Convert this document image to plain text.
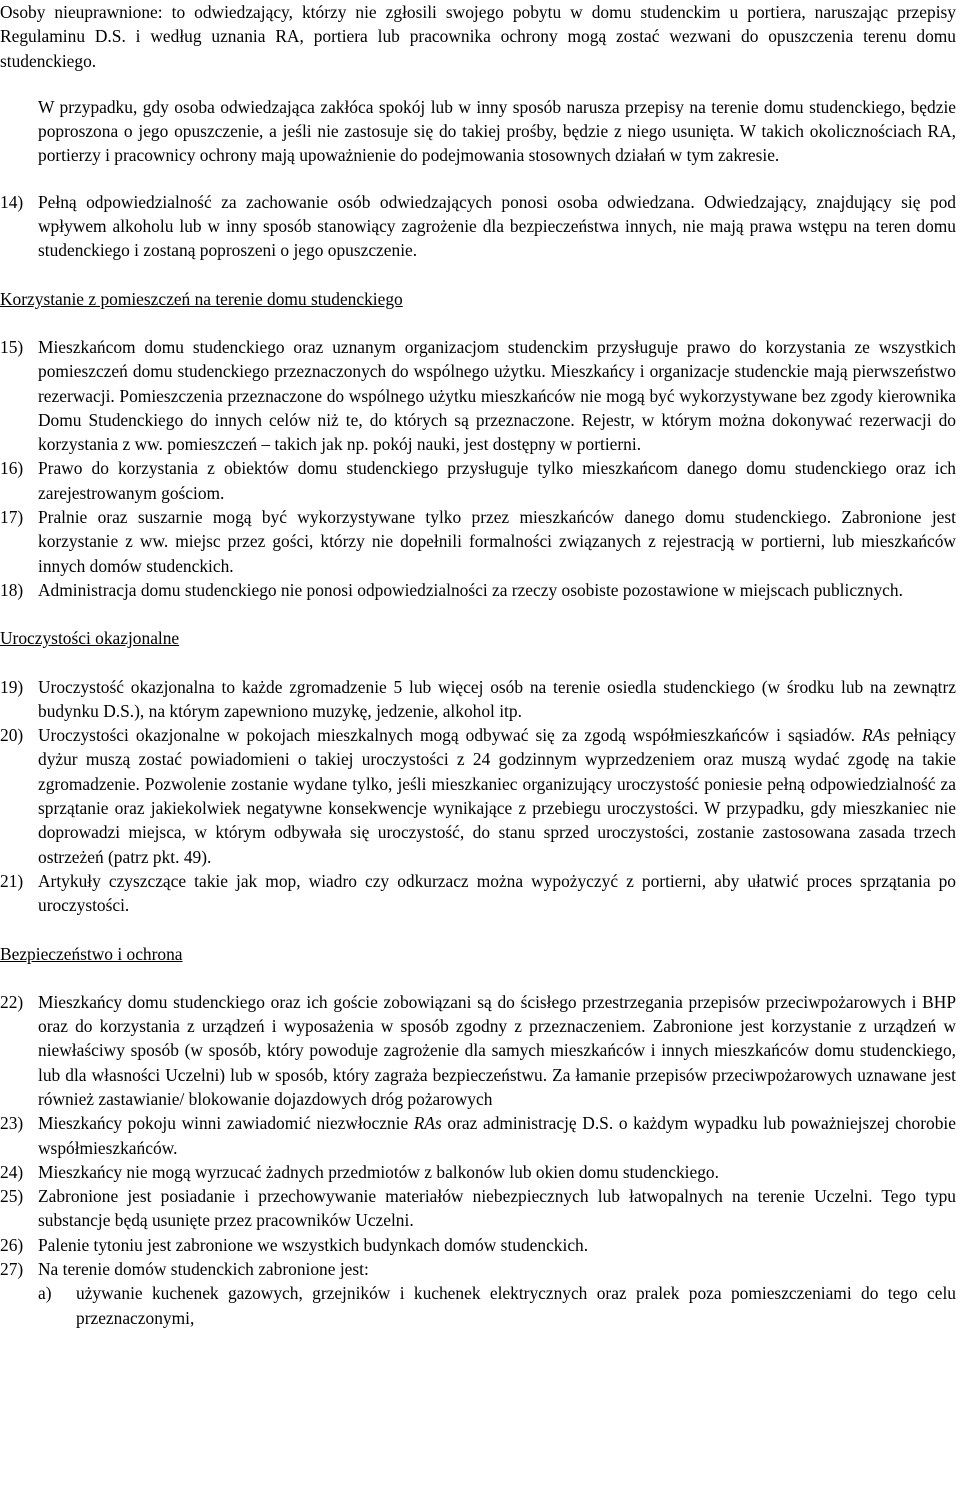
Osoby nieuprawnione: to odwiedzający, którzy nie zgłosili swojego pobytu w domu studenckim u portiera, naruszając przepisy Regulaminu D.S. i według uznania RA, portiera lub pracownika ochrony mogą zostać wezwani do opuszczenia terenu domu studenckiego.

W przypadku, gdy osoba odwiedzająca zakłóca spokój lub w inny sposób narusza przepisy na terenie domu studenckiego, będzie poproszona o jego opuszczenie, a jeśli nie zastosuje się do takiej prośby, będzie z niego usunięta. W takich okolicznościach RA, portierzy i pracownicy ochrony mają upoważnienie do podejmowania stosownych działań w tym zakresie.

14) Pełną odpowiedzialność za zachowanie osób odwiedzających ponosi osoba odwiedzana. Odwiedzający, znajdujący się pod wpływem alkoholu lub w inny sposób stanowiący zagrożenie dla bezpieczeństwa innych, nie mają prawa wstępu na teren domu studenckiego i zostaną poproszeni o jego opuszczenie.

Korzystanie z pomieszczeń na terenie domu studenckiego

15) Mieszkańcom domu studenckiego oraz uznanym organizacjom studenckim przysługuje prawo do korzystania ze wszystkich pomieszczeń domu studenckiego przeznaczonych do wspólnego użytku. Mieszkańcy i organizacje studenckie mają pierwszeństwo rezerwacji. Pomieszczenia przeznaczone do wspólnego użytku mieszkańców nie mogą być wykorzystywane bez zgody kierownika Domu Studenckiego do innych celów niż te, do których są przeznaczone. Rejestr, w którym można dokonywać rezerwacji do korzystania z ww. pomieszczeń – takich jak np. pokój nauki, jest dostępny w portierni.
16) Prawo do korzystania z obiektów domu studenckiego przysługuje tylko mieszkańcom danego domu studenckiego oraz ich zarejestrowanym gościom.
17) Pralnie oraz suszarnie mogą być wykorzystywane tylko przez mieszkańców danego domu studenckiego. Zabronione jest korzystanie z ww. miejsc przez gości, którzy nie dopełnili formalności związanych z rejestracją w portierni, lub mieszkańców innych domów studenckich.
18) Administracja domu studenckiego nie ponosi odpowiedzialności za rzeczy osobiste pozostawione w miejscach publicznych.

Uroczystości okazjonalne

19) Uroczystość okazjonalna to każde zgromadzenie 5 lub więcej osób na terenie osiedla studenckiego (w środku lub na zewnątrz budynku D.S.), na którym zapewniono muzykę, jedzenie, alkohol itp.
20) Uroczystości okazjonalne w pokojach mieszkalnych mogą odbywać się za zgodą współmieszkańców i sąsiadów. RAs pełniący dyżur muszą zostać powiadomieni o takiej uroczystości z 24 godzinnym wyprzedzeniem oraz muszą wydać zgodę na takie zgromadzenie. Pozwolenie zostanie wydane tylko, jeśli mieszkaniec organizujący uroczystość poniesie pełną odpowiedzialność za sprzątanie oraz jakiekolwiek negatywne konsekwencje wynikające z przebiegu uroczystości. W przypadku, gdy mieszkaniec nie doprowadzi miejsca, w którym odbywała się uroczystość, do stanu sprzed uroczystości, zostanie zastosowana zasada trzech ostrzeżeń (patrz pkt. 49).
21) Artykuły czyszczące takie jak mop, wiadro czy odkurzacz można wypożyczyć z portierni, aby ułatwić proces sprzątania po uroczystości.

Bezpieczeństwo i ochrona

22) Mieszkańcy domu studenckiego oraz ich goście zobowiązani są do ścisłego przestrzegania przepisów przeciwpożarowych i BHP oraz do korzystania z urządzeń i wyposażenia w sposób zgodny z przeznaczeniem. Zabronione jest korzystanie z urządzeń w niewłaściwy sposób (w sposób, który powoduje zagrożenie dla samych mieszkańców i innych mieszkańców domu studenckiego, lub dla własności Uczelni) lub w sposób, który zagraża bezpieczeństwu. Za łamanie przepisów przeciwpożarowych uznawane jest również zastawianie/ blokowanie dojazdowych dróg pożarowych
23) Mieszkańcy pokoju winni zawiadomić niezwłocznie RAs oraz administrację D.S. o każdym wypadku lub poważniejszej chorobie współmieszkańców.
24) Mieszkańcy nie mogą wyrzucać żadnych przedmiotów z balkonów lub okien domu studenckiego.
25) Zabronione jest posiadanie i przechowywanie materiałów niebezpiecznych lub łatwopalnych na terenie Uczelni. Tego typu substancje będą usunięte przez pracowników Uczelni.
26) Palenie tytoniu jest zabronione we wszystkich budynkach domów studenckich.
27) Na terenie domów studenckich zabronione jest:
a)	używanie kuchenek gazowych, grzejników i kuchenek elektrycznych oraz pralek poza pomieszczeniami do tego celu przeznaczonymi,
